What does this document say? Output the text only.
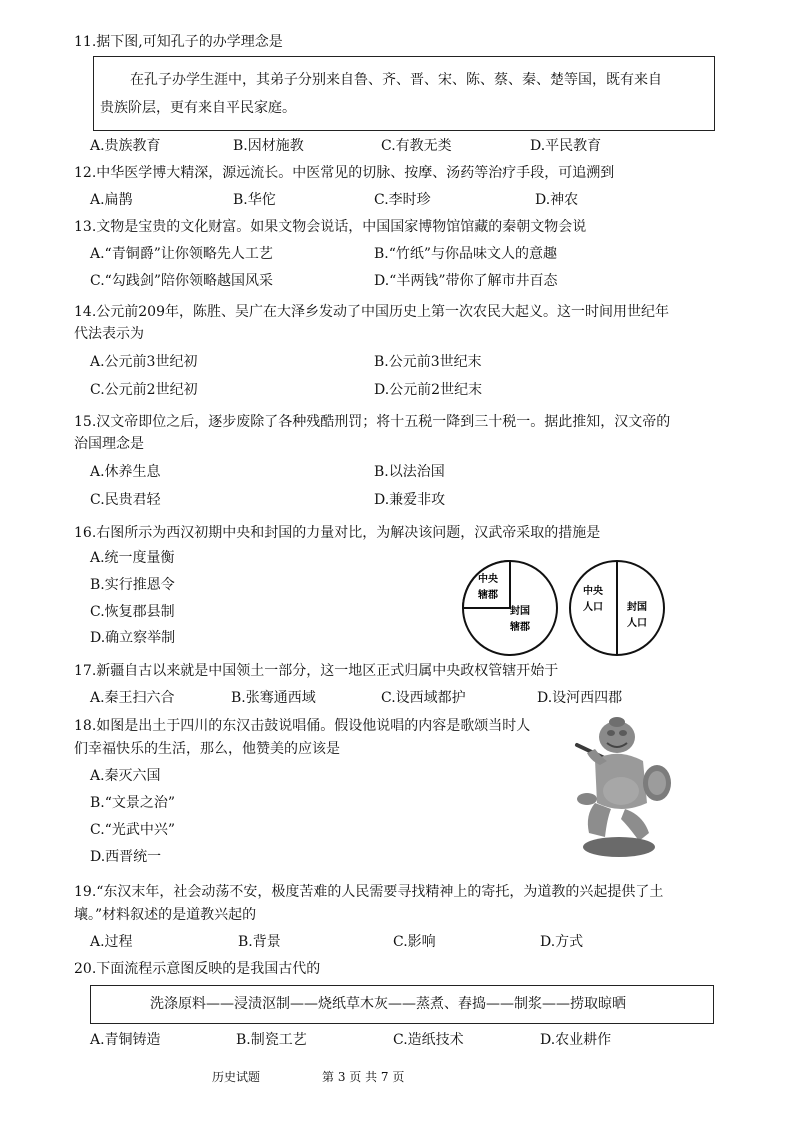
11.据下图,可知孔子的办学理念是
在孔子办学生涯中，其弟子分别来自鲁、齐、晋、宋、陈、蔡、秦、楚等国，既有来自
贵族阶层，更有来自平民家庭。
A.贵族教育	B.因材施教	C.有教无类	D.平民教育
12.中华医学博大精深，源远流长。中医常见的切脉、按摩、汤药等治疗手段，可追溯到
A.扁鹊	B.华佗	C.李时珍	D.神农
13.文物是宝贵的文化财富。如果文物会说话，中国国家博物馆馆藏的秦朝文物会说
A.“青铜爵”让你领略先人工艺	B.“竹纸”与你品味文人的意趣
C.“勾践剑”陪你领略越国风采	D.“半两钱”带你了解市井百态
14.公元前209年，陈胜、吴广在大泽乡发动了中国历史上第一次农民大起义。这一时间用世纪年
代法表示为
A.公元前3世纪初	B.公元前3世纪末
C.公元前2世纪初	D.公元前2世纪末
15.汉文帝即位之后，逐步废除了各种残酷刑罚；将十五税一降到三十税一。据此推知，汉文帝的
治国理念是
A.休养生息	B.以法治国
C.民贵君轻	D.兼爱非攻
16.右图所示为西汉初期中央和封国的力量对比，为解决该问题，汉武帝采取的措施是
A.统一度量衡
B.实行推恩令
C.恢复郡县制
D.确立察举制
中央
辖郡
封国
辖郡
中央
人口 封国
人口
17.新疆自古以来就是中国领土一部分，这一地区正式归属中央政权管辖开始于
A.秦王扫六合	B.张骞通西域	C.设西域都护	D.设河西四郡
18.如图是出土于四川的东汉击鼓说唱俑。假设他说唱的内容是歌颂当时人
们幸福快乐的生活，那么，他赞美的应该是
A.秦灭六国
B.“文景之治”
C.“光武中兴”
D.西晋统一
19.“东汉末年，社会动荡不安，极度苦难的人民需要寻找精神上的寄托，为道教的兴起提供了土
壤。”材料叙述的是道教兴起的
A.过程	B.背景	C.影响	D.方式
20.下面流程示意图反映的是我国古代的
洗涤原料——浸渍沤制——烧纸草木灰——蒸煮、舂捣——制浆——捞取晾晒
A.青铜铸造	B.制瓷工艺	C.造纸技术	D.农业耕作
历史试题	第 3 页 共 7 页
